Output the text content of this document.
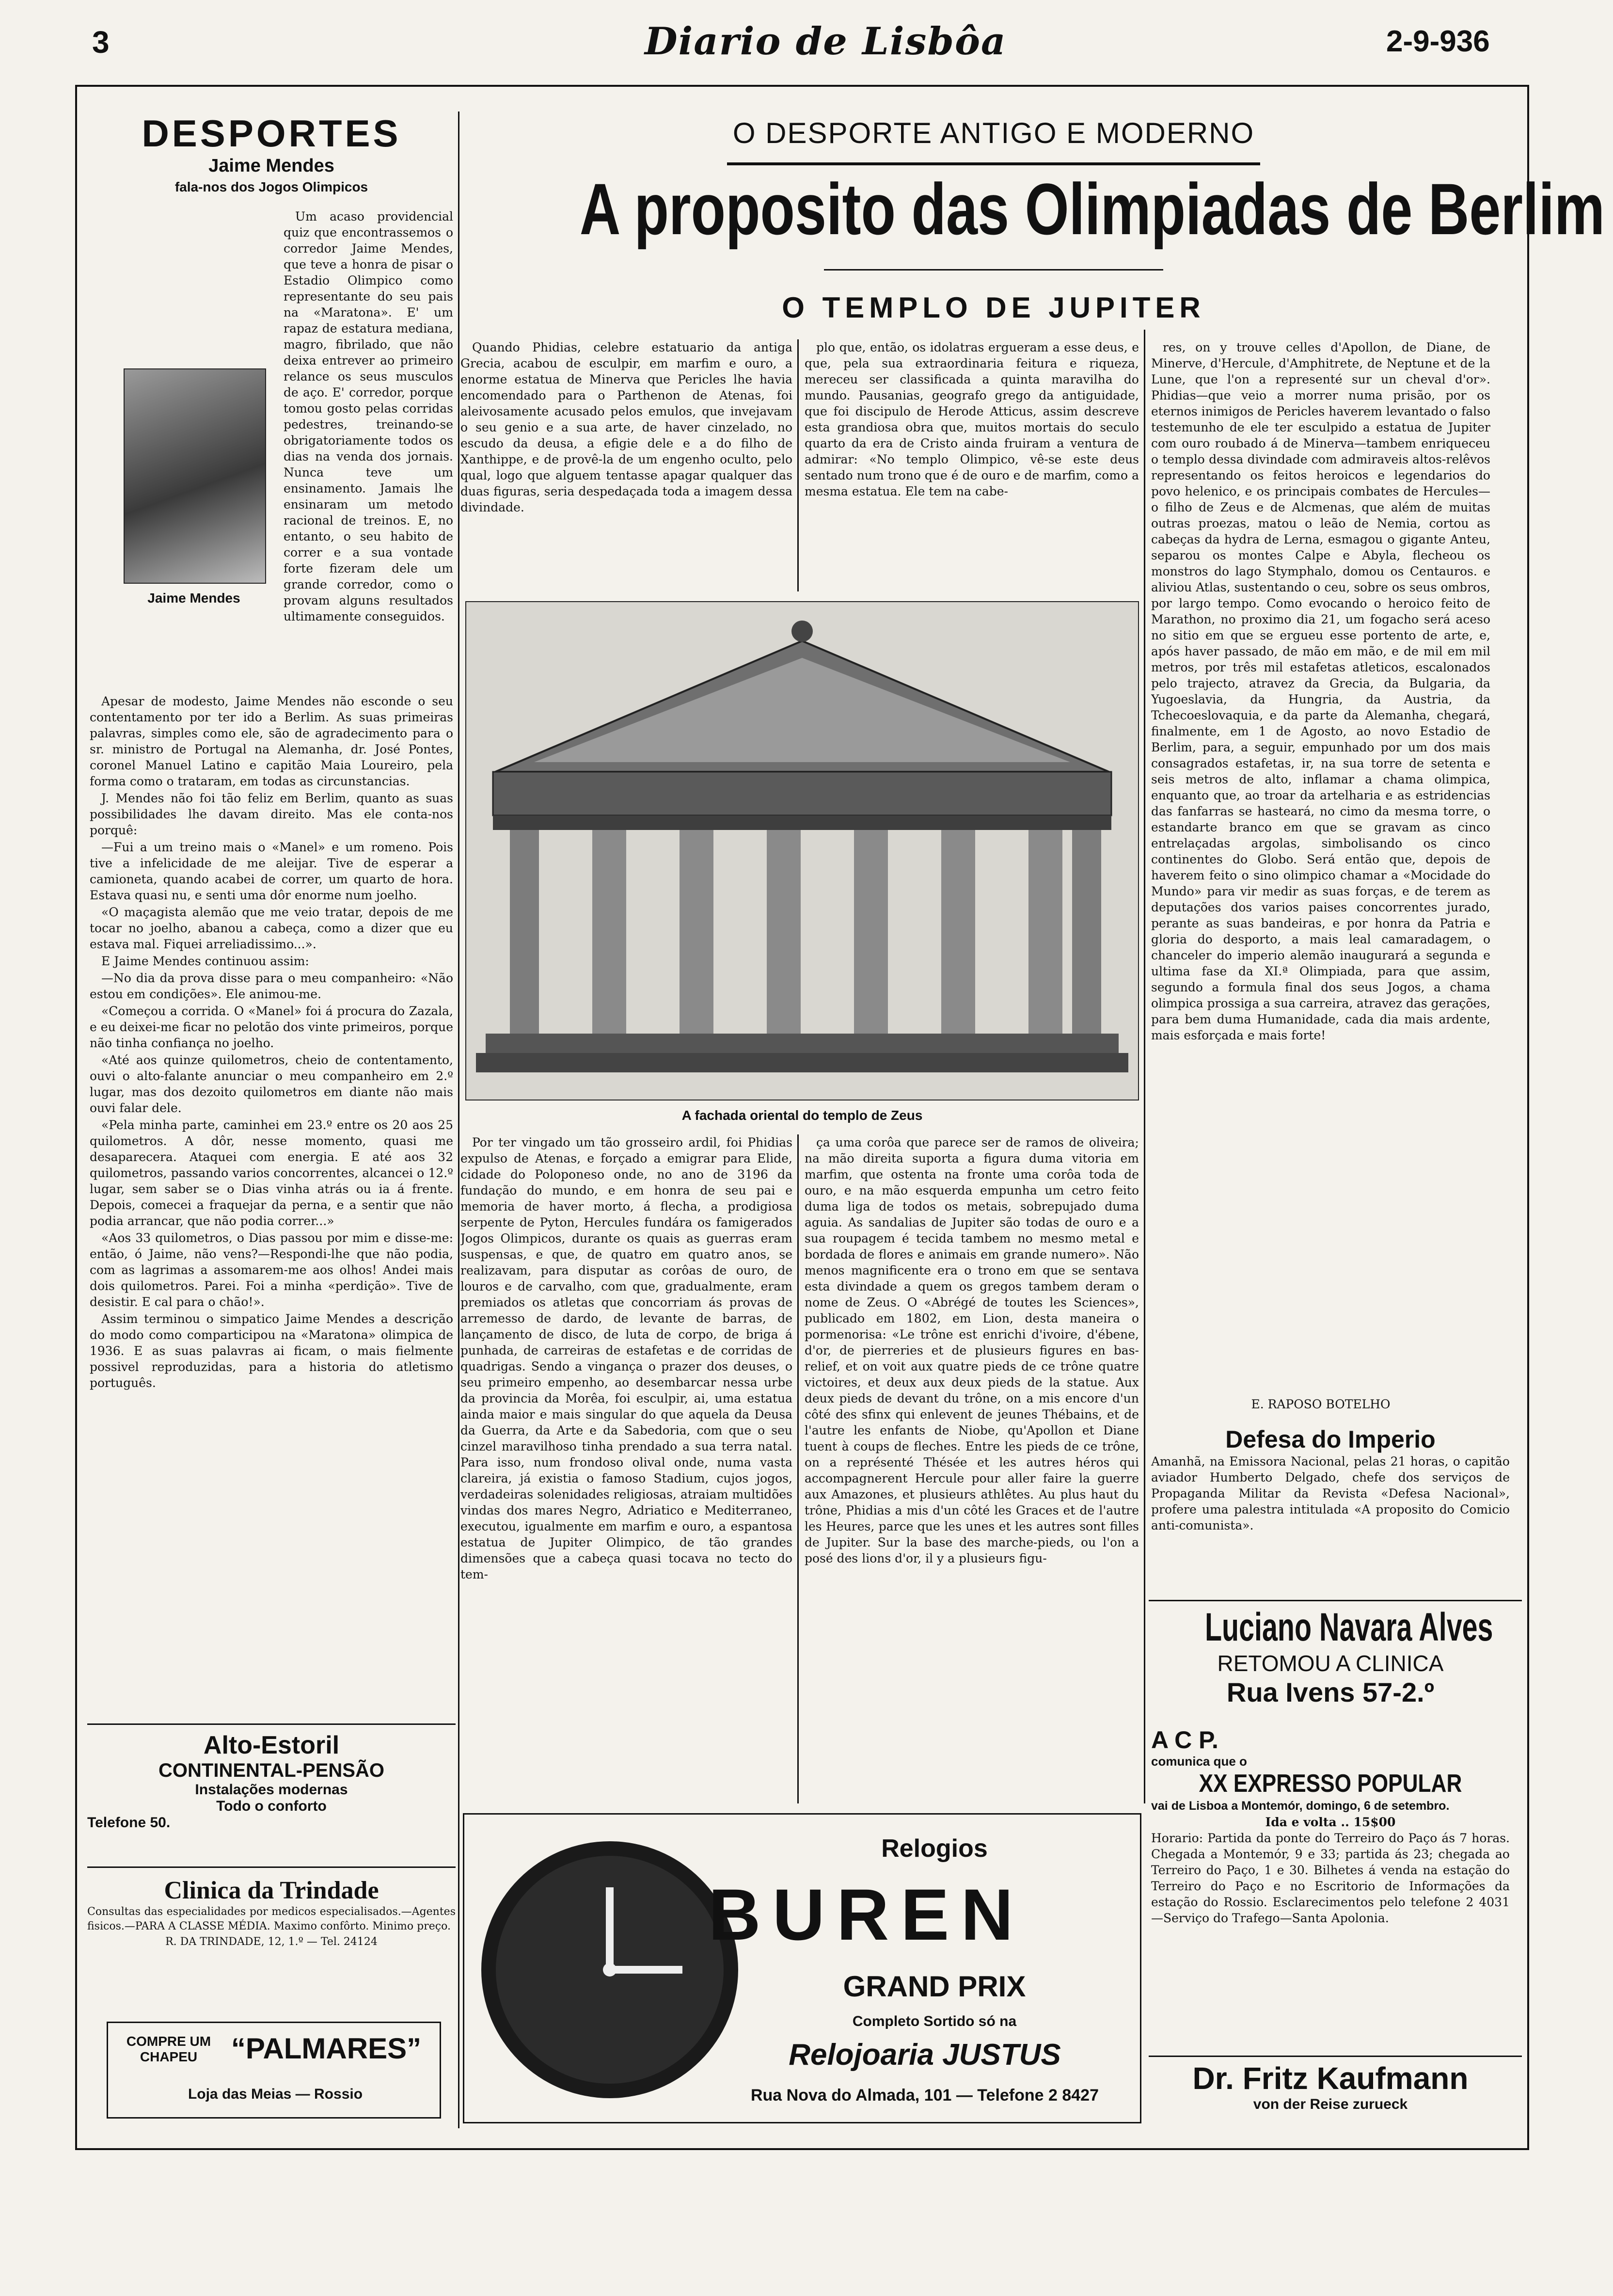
3	Diario de Lisbôa	2-9-936
DESPORTES
Jaime Mendes
fala-nos dos Jogos Olimpicos
Jaime Mendes

Um acaso providencial quiz que encontrassemos o corredor Jaime Mendes, que teve a honra de pisar o Estadio Olimpico como representante do seu pais na «Maratona». E' um rapaz de estatura mediana, magro, fibrilado, que não deixa entrever ao primeiro relance os seus musculos de aço. E' corredor, porque tomou gosto pelas corridas pedestres, treinando-se obrigatoriamente todos os dias na venda dos jornais. Nunca teve um ensinamento. Jamais lhe ensinaram um metodo racional de treinos. E, no entanto, o seu habito de correr e a sua vontade forte fizeram dele um grande corredor, como o provam alguns resultados ultimamente conseguidos.

Apesar de modesto, Jaime Mendes não esconde o seu contentamento por ter ido a Berlim. As suas primeiras palavras, simples como ele, são de agradecimento para o sr. ministro de Portugal na Alemanha, dr. José Pontes, coronel Manuel Latino e capitão Maia Loureiro, pela forma como o trataram, em todas as circunstancias.

J. Mendes não foi tão feliz em Berlim, quanto as suas possibilidades lhe davam direito. Mas ele conta-nos porquê:

—Fui a um treino mais o «Manel» e um romeno. Pois tive a infelicidade de me aleijar. Tive de esperar a camioneta, quando acabei de correr, um quarto de hora. Estava quasi nu, e senti uma dôr enorme num joelho.

«O maçagista alemão que me veio tratar, depois de me tocar no joelho, abanou a cabeça, como a dizer que eu estava mal. Fiquei arreliadissimo...».

E Jaime Mendes continuou assim:

—No dia da prova disse para o meu companheiro: «Não estou em condições». Ele animou-me.

«Começou a corrida. O «Manel» foi á procura do Zazala, e eu deixei-me ficar no pelotão dos vinte primeiros, porque não tinha confiança no joelho.

«Até aos quinze quilometros, cheio de contentamento, ouvi o alto-falante anunciar o meu companheiro em 2.º lugar, mas dos dezoito quilometros em diante não mais ouvi falar dele.

«Pela minha parte, caminhei em 23.º entre os 20 aos 25 quilometros. A dôr, nesse momento, quasi me desaparecera. Ataquei com energia. E até aos 32 quilometros, passando varios concorrentes, alcancei o 12.º lugar, sem saber se o Dias vinha atrás ou ia á frente. Depois, comecei a fraquejar da perna, e a sentir que não podia arrancar, que não podia correr...»

«Aos 33 quilometros, o Dias passou por mim e disse-me: então, ó Jaime, não vens?—Respondi-lhe que não podia, com as lagrimas a assomarem-me aos olhos! Andei mais dois quilometros. Parei. Foi a minha «perdição». Tive de desistir. E cal para o chão!».

Assim terminou o simpatico Jaime Mendes a descrição do modo como comparticipou na «Maratona» olimpica de 1936. E as suas palavras ai ficam, o mais fielmente possivel reproduzidas, para a historia do atletismo português.

Alto-Estoril
CONTINENTAL-PENSÃO
Instalações modernas
Todo o conforto
Telefone 50.
Clinica da Trindade
Consultas das especialidades por medicos especialisados.—Agentes fisicos.—PARA A CLASSE MÉDIA. Maximo confôrto. Minimo preço.
R. DA TRINDADE, 12, 1.º — Tel. 24124
COMPRE UM CHAPEU	“PALMARES”
Loja das Meias — Rossio
O DESPORTE ANTIGO E MODERNO
A proposito das Olimpiadas de Berlim
O TEMPLO DE JUPITER

Quando Phidias, celebre estatuario da antiga Grecia, acabou de esculpir, em marfim e ouro, a enorme estatua de Minerva que Pericles lhe havia encomendado para o Parthenon de Atenas, foi aleivosamente acusado pelos emulos, que invejavam o seu genio e a sua arte, de haver cinzelado, no escudo da deusa, a efigie dele e a do filho de Xanthippe, e de provê-la de um engenho oculto, pelo qual, logo que alguem tentasse apagar qualquer das duas figuras, seria despedaçada toda a imagem dessa divindade.

plo que, então, os idolatras ergueram a esse deus, e que, pela sua extraordinaria feitura e riqueza, mereceu ser classificada a quinta maravilha do mundo. Pausanias, geografo grego da antiguidade, que foi discipulo de Herode Atticus, assim descreve esta grandiosa obra que, muitos mortais do seculo quarto da era de Cristo ainda fruiram a ventura de admirar: «No templo Olimpico, vê-se este deus sentado num trono que é de ouro e de marfim, como a mesma estatua. Ele tem na cabe-

A fachada oriental do templo de Zeus

Por ter vingado um tão grosseiro ardil, foi Phidias expulso de Atenas, e forçado a emigrar para Elide, cidade do Poloponeso onde, no ano de 3196 da fundação do mundo, e em honra de seu pai e memoria de haver morto, á flecha, a prodigiosa serpente de Pyton, Hercules fundára os famigerados Jogos Olimpicos, durante os quais as guerras eram suspensas, e que, de quatro em quatro anos, se realizavam, para disputar as corôas de ouro, de louros e de carvalho, com que, gradualmente, eram premiados os atletas que concorriam ás provas de arremesso de dardo, de levante de barras, de lançamento de disco, de luta de corpo, de briga á punhada, de carreiras de estafetas e de corridas de quadrigas. Sendo a vingança o prazer dos deuses, o seu primeiro empenho, ao desembarcar nessa urbe da provincia da Morêa, foi esculpir, ai, uma estatua ainda maior e mais singular do que aquela da Deusa da Guerra, da Arte e da Sabedoria, com que o seu cinzel maravilhoso tinha prendado a sua terra natal. Para isso, num frondoso olival onde, numa vasta clareira, já existia o famoso Stadium, cujos jogos, verdadeiras solenidades religiosas, atraiam multidões vindas dos mares Negro, Adriatico e Mediterraneo, executou, igualmente em marfim e ouro, a espantosa estatua de Jupiter Olimpico, de tão grandes dimensões que a cabeça quasi tocava no tecto do tem-

ça uma corôa que parece ser de ramos de oliveira; na mão direita suporta a figura duma vitoria em marfim, que ostenta na fronte uma corôa toda de ouro, e na mão esquerda empunha um cetro feito duma liga de todos os metais, sobrepujado duma aguia. As sandalias de Jupiter são todas de ouro e a sua roupagem é tecida tambem no mesmo metal e bordada de flores e animais em grande numero». Não menos magnificente era o trono em que se sentava esta divindade a quem os gregos tambem deram o nome de Zeus. O «Abrégé de toutes les Sciences», publicado em 1802, em Lion, desta maneira o pormenorisa: «Le trône est enrichi d'ivoire, d'ébene, d'or, de pierreries et de plusieurs figures en bas-relief, et on voit aux quatre pieds de ce trône quatre victoires, et deux aux deux pieds de la statue. Aux deux pieds de devant du trône, on a mis encore d'un côté des sfinx qui enlevent de jeunes Thébains, et de l'autre les enfants de Niobe, qu'Apollon et Diane tuent à coups de fleches. Entre les pieds de ce trône, on a représenté Thésée et les autres héros qui accompagnerent Hercule pour aller faire la guerre aux Amazones, et plusieurs athlêtes. Au plus haut du trône, Phidias a mis d'un côté les Graces et de l'autre les Heures, parce que les unes et les autres sont filles de Jupiter. Sur la base des marche-pieds, ou l'on a posé des lions d'or, il y a plusieurs figu-

res, on y trouve celles d'Apollon, de Diane, de Minerve, d'Hercule, d'Amphitrete, de Neptune et de la Lune, que l'on a representé sur un cheval d'or». Phidias—que veio a morrer numa prisão, por os eternos inimigos de Pericles haverem levantado o falso testemunho de ele ter esculpido a estatua de Jupiter com ouro roubado á de Minerva—tambem enriqueceu o templo dessa divindade com admiraveis altos-relêvos representando os feitos heroicos e legendarios do povo helenico, e os principais combates de Hercules—o filho de Zeus e de Alcmenas, que além de muitas outras proezas, matou o leão de Nemia, cortou as cabeças da hydra de Lerna, esmagou o gigante Anteu, separou os montes Calpe e Abyla, flecheou os monstros do lago Stymphalo, domou os Centauros. e aliviou Atlas, sustentando o ceu, sobre os seus ombros, por largo tempo. Como evocando o heroico feito de Marathon, no proximo dia 21, um fogacho será aceso no sitio em que se ergueu esse portento de arte, e, após haver passado, de mão em mão, e de mil em mil metros, por três mil estafetas atleticos, escalonados pelo trajecto, atravez da Grecia, da Bulgaria, da Yugoeslavia, da Hungria, da Austria, da Tchecoeslovaquia, e da parte da Alemanha, chegará, finalmente, em 1 de Agosto, ao novo Estadio de Berlim, para, a seguir, empunhado por um dos mais consagrados estafetas, ir, na sua torre de setenta e seis metros de alto, inflamar a chama olimpica, enquanto que, ao troar da artelharia e as estridencias das fanfarras se hasteará, no cimo da mesma torre, o estandarte branco em que se gravam as cinco entrelaçadas argolas, simbolisando os cinco continentes do Globo. Será então que, depois de haverem feito o sino olimpico chamar a «Mocidade do Mundo» para vir medir as suas forças, e de terem as deputações dos varios paises concorrentes jurado, perante as suas bandeiras, e por honra da Patria e gloria do desporto, a mais leal camaradagem, o chanceler do imperio alemão inaugurará a segunda e ultima fase da XI.ª Olimpiada, para que assim, segundo a formula final dos seus Jogos, a chama olimpica prossiga a sua carreira, atravez das gerações, para bem duma Humanidade, cada dia mais ardente, mais esforçada e mais forte!

E. RAPOSO BOTELHO
Defesa do Imperio
Amanhã, na Emissora Nacional, pelas 21 horas, o capitão aviador Humberto Delgado, chefe dos serviços de Propaganda Militar da Revista «Defesa Nacional», profere uma palestra intitulada «A proposito do Comicio anti-comunista».
Luciano Navara Alves
RETOMOU A CLINICA
Rua Ivens 57-2.º
A C P.
comunica que o
XX EXPRESSO POPULAR
vai de Lisboa a Montemór, domingo, 6 de setembro.
Ida e volta .. 15$00
Horario: Partida da ponte do Terreiro do Paço ás 7 horas. Chegada a Montemór, 9 e 33; partida ás 23; chegada ao Terreiro do Paço, 1 e 30. Bilhetes á venda na estação do Terreiro do Paço e no Escritorio de Informações da estação do Rossio. Esclarecimentos pelo telefone 2 4031 —Serviço do Trafego—Santa Apolonia.
Dr. Fritz Kaufmann
von der Reise zurueck
Relogios
BUREN
GRAND PRIX
Completo Sortido só na
Relojoaria JUSTUS
Rua Nova do Almada, 101 — Telefone 2 8427
